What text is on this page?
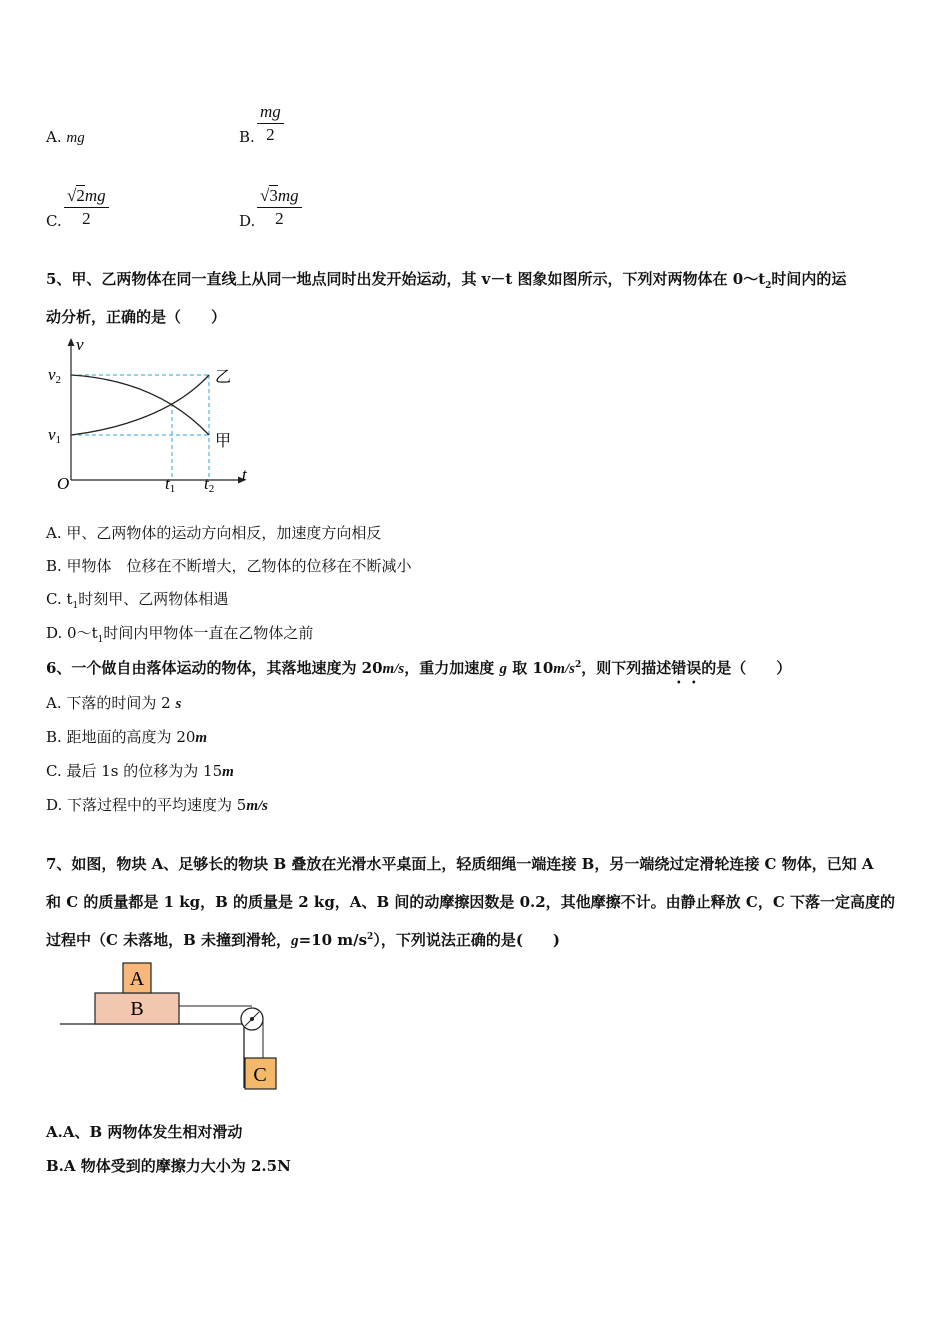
A. mg	B.
mg
2
C.
√2mg
2	D.
√3mg
2
5、甲、乙两物体在同一直线上从同一地点同时出发开始运动，其 v－t 图象如图所示，下列对两物体在 $0\sim t_2$时间内的运
动分析，正确的是（　　）
v
t
O
v2
v1
t1 t2
乙
甲
A. 甲、乙两物体的运动方向相反，加速度方向相反
B. 甲物体　位移在不断增大，乙物体的位移在不断减小
C. $t_1$时刻甲、乙两物体相遇
D. $0\sim t_1$时间内甲物体一直在乙物体之前
6、一个做自由落体运动的物体，其落地速度为 20m/s，重力加速度 g 取 $10m/s^2$，则下列描述错误的是（　　）
A. 下落的时间为 2 s
B. 距地面的高度为 20m
C. 最后 1s 的位移为为 15m
D. 下落过程中的平均速度为 5m/s
7、如图，物块 A、足够长的物块 B 叠放在光滑水平桌面上，轻质细绳一端连接 B，另一端绕过定滑轮连接 C 物体，已知 A
和 C 的质量都是 1 kg，B 的质量是 2 kg，A、B 间的动摩擦因数是 0.2，其他摩擦不计。由静止释放 C，C 下落一定高度的
过程中（C 未落地，B 未撞到滑轮，g=10 $m/s^2$），下列说法正确的是(　　)
B
A
C
A.A、B 两物体发生相对滑动
B.A 物体受到的摩擦力大小为 2.5N
